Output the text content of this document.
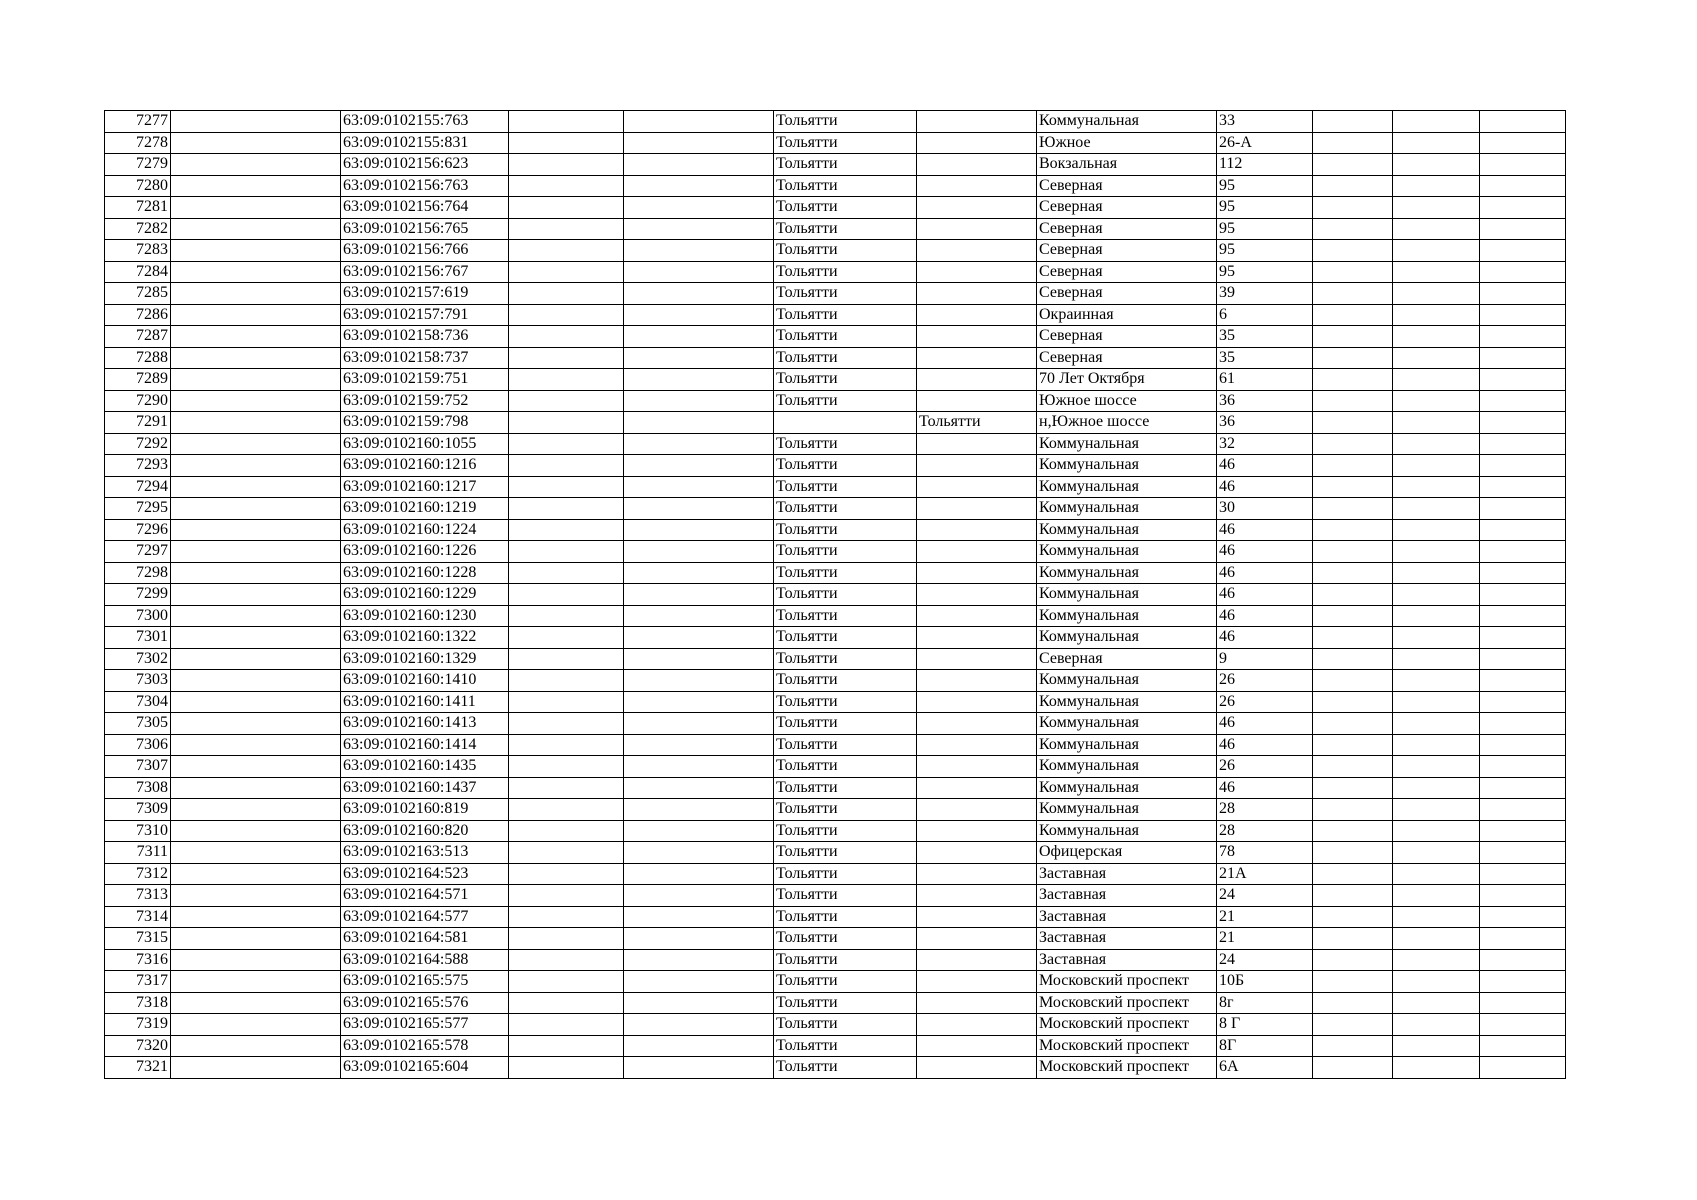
7277		63:09:0102155:763			Тольятти		Коммунальная	33			
7278		63:09:0102155:831			Тольятти		Южное	26-А			
7279		63:09:0102156:623			Тольятти		Вокзальная	112			
7280		63:09:0102156:763			Тольятти		Северная	95			
7281		63:09:0102156:764			Тольятти		Северная	95			
7282		63:09:0102156:765			Тольятти		Северная	95			
7283		63:09:0102156:766			Тольятти		Северная	95			
7284		63:09:0102156:767			Тольятти		Северная	95			
7285		63:09:0102157:619			Тольятти		Северная	39			
7286		63:09:0102157:791			Тольятти		Окраинная	6			
7287		63:09:0102158:736			Тольятти		Северная	35			
7288		63:09:0102158:737			Тольятти		Северная	35			
7289		63:09:0102159:751			Тольятти		70 Лет Октября	61			
7290		63:09:0102159:752			Тольятти		Южное шоссе	36			
7291		63:09:0102159:798				Тольятти	н,Южное шоссе	36			
7292		63:09:0102160:1055			Тольятти		Коммунальная	32			
7293		63:09:0102160:1216			Тольятти		Коммунальная	46			
7294		63:09:0102160:1217			Тольятти		Коммунальная	46			
7295		63:09:0102160:1219			Тольятти		Коммунальная	30			
7296		63:09:0102160:1224			Тольятти		Коммунальная	46			
7297		63:09:0102160:1226			Тольятти		Коммунальная	46			
7298		63:09:0102160:1228			Тольятти		Коммунальная	46			
7299		63:09:0102160:1229			Тольятти		Коммунальная	46			
7300		63:09:0102160:1230			Тольятти		Коммунальная	46			
7301		63:09:0102160:1322			Тольятти		Коммунальная	46			
7302		63:09:0102160:1329			Тольятти		Северная	9			
7303		63:09:0102160:1410			Тольятти		Коммунальная	26			
7304		63:09:0102160:1411			Тольятти		Коммунальная	26			
7305		63:09:0102160:1413			Тольятти		Коммунальная	46			
7306		63:09:0102160:1414			Тольятти		Коммунальная	46			
7307		63:09:0102160:1435			Тольятти		Коммунальная	26			
7308		63:09:0102160:1437			Тольятти		Коммунальная	46			
7309		63:09:0102160:819			Тольятти		Коммунальная	28			
7310		63:09:0102160:820			Тольятти		Коммунальная	28			
7311		63:09:0102163:513			Тольятти		Офицерская	78			
7312		63:09:0102164:523			Тольятти		Заставная	21А			
7313		63:09:0102164:571			Тольятти		Заставная	24			
7314		63:09:0102164:577			Тольятти		Заставная	21			
7315		63:09:0102164:581			Тольятти		Заставная	21			
7316		63:09:0102164:588			Тольятти		Заставная	24			
7317		63:09:0102165:575			Тольятти		Московский проспект	10Б			
7318		63:09:0102165:576			Тольятти		Московский проспект	8г			
7319		63:09:0102165:577			Тольятти		Московский проспект	8 Г			
7320		63:09:0102165:578			Тольятти		Московский проспект	8Г			
7321		63:09:0102165:604			Тольятти		Московский проспект	6А			
